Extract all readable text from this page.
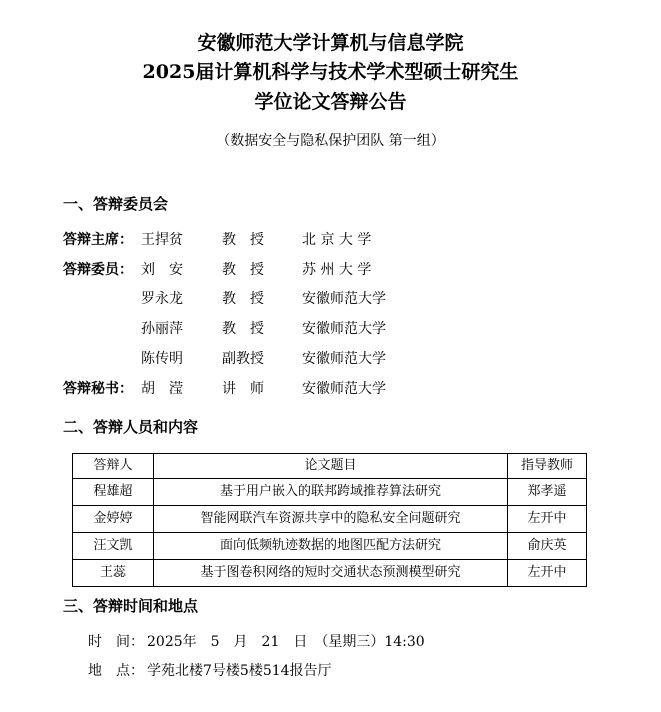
安徽师范大学计算机与信息学院
2025届计算机科学与技术学术型硕士研究生
学位论文答辩公告
（数据安全与隐私保护团队 第一组）
一、答辩委员会
答辩主席： 王捍贫	教　授	北 京 大 学
答辩委员： 刘　安	教　授	苏 州 大 学
罗永龙	教　授	安徽师范大学
孙丽萍	教　授	安徽师范大学
陈传明	副教授	安徽师范大学
答辩秘书： 胡　滢	讲　师	安徽师范大学
二、答辩人员和内容
答辩人	论文题目	指导教师
程雄超	基于用户嵌入的联邦跨域推荐算法研究	郑孝遥
金婷婷	智能网联汽车资源共享中的隐私安全问题研究	左开中
汪文凯	面向低频轨迹数据的地图匹配方法研究	俞庆英
王蕊	基于图卷积网络的短时交通状态预测模型研究	左开中
三、答辩时间和地点
时　间： 2025年　5　月　21　日　（星期三）14:30
地　点： 学苑北楼7号楼5楼514报告厅
